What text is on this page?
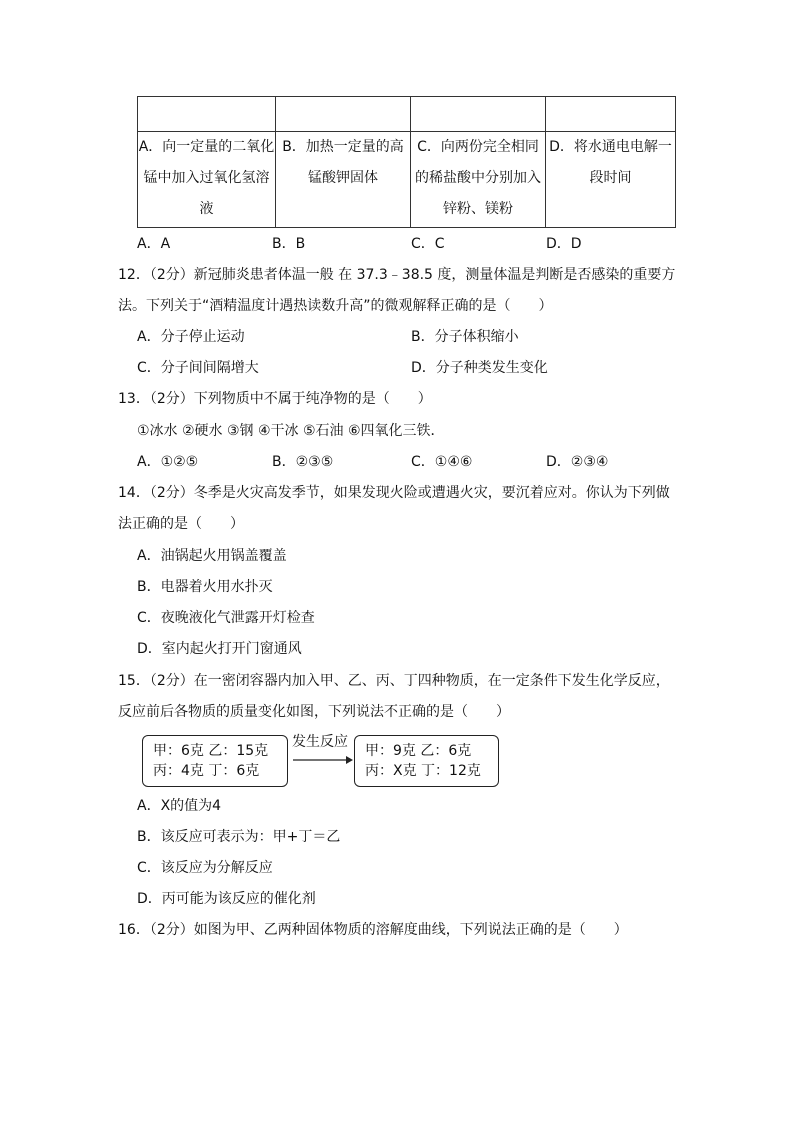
A．向一定量的二氧化锰中加入过氧化氢溶液	B．加热一定量的高锰酸钾固体	C．向两份完全相同的稀盐酸中分别加入锌粉、镁粉	D．将水通电电解一段时间
A．A	B．B	C．C	D．D
12．（2分）新冠肺炎患者体温一般 在 37.3﹣38.5 度，测量体温是判断是否感染的重要方
法。下列关于“酒精温度计遇热读数升高”的微观解释正确的是（　　）
A．分子停止运动	B．分子体积缩小
C．分子间间隔增大	D．分子种类发生变化
13．（2分）下列物质中不属于纯净物的是（　　）
①冰水 ②硬水 ③钢 ④干冰 ⑤石油 ⑥四氧化三铁．
A．①②⑤	B．②③⑤	C．①④⑥	D．②③④
14．（2分）冬季是火灾高发季节，如果发现火险或遭遇火灾，要沉着应对。你认为下列做
法正确的是（　　）
A．油锅起火用锅盖覆盖
B．电器着火用水扑灭
C．夜晚液化气泄露开灯检查
D．室内起火打开门窗通风
15．（2分）在一密闭容器内加入甲、乙、丙、丁四种物质，在一定条件下发生化学反应，
反应前后各物质的质量变化如图，下列说法不正确的是（　　）
甲：6克 乙：15克
丙：4克 丁：6克
发生反应
甲：9克 乙：6克
丙：X克 丁：12克
A．X的值为4
B．该反应可表示为：甲+丁＝乙
C．该反应为分解反应
D．丙可能为该反应的催化剂
16．（2分）如图为甲、乙两种固体物质的溶解度曲线，下列说法正确的是（　　）
